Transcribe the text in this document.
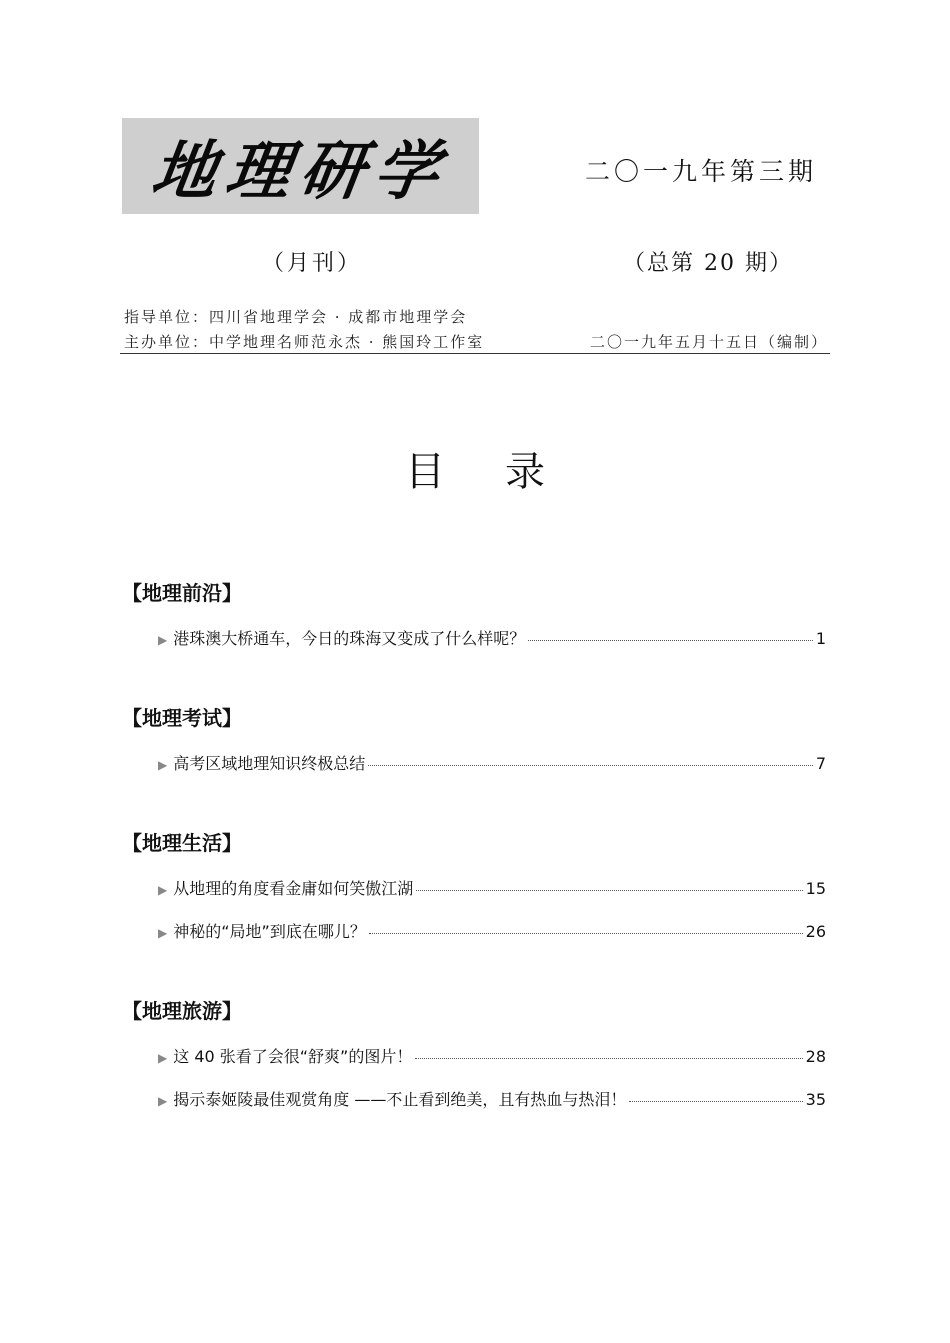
地理研学	二〇一九年第三期
（月刊）	（总第 20 期）
指导单位：四川省地理学会 · 成都市地理学会
主办单位：中学地理名师范永杰 · 熊国玲工作室	二〇一九年五月十五日（编制）
目录
【地理前沿】
▶ 港珠澳大桥通车，今日的珠海又变成了什么样呢？	1
【地理考试】
▶ 高考区域地理知识终极总结	7
【地理生活】
▶ 从地理的角度看金庸如何笑傲江湖	15
▶ 神秘的“局地”到底在哪儿？	26
【地理旅游】
▶ 这 40 张看了会很“舒爽”的图片！	28
▶ 揭示泰姬陵最佳观赏角度 ——不止看到绝美，且有热血与热泪！	35
